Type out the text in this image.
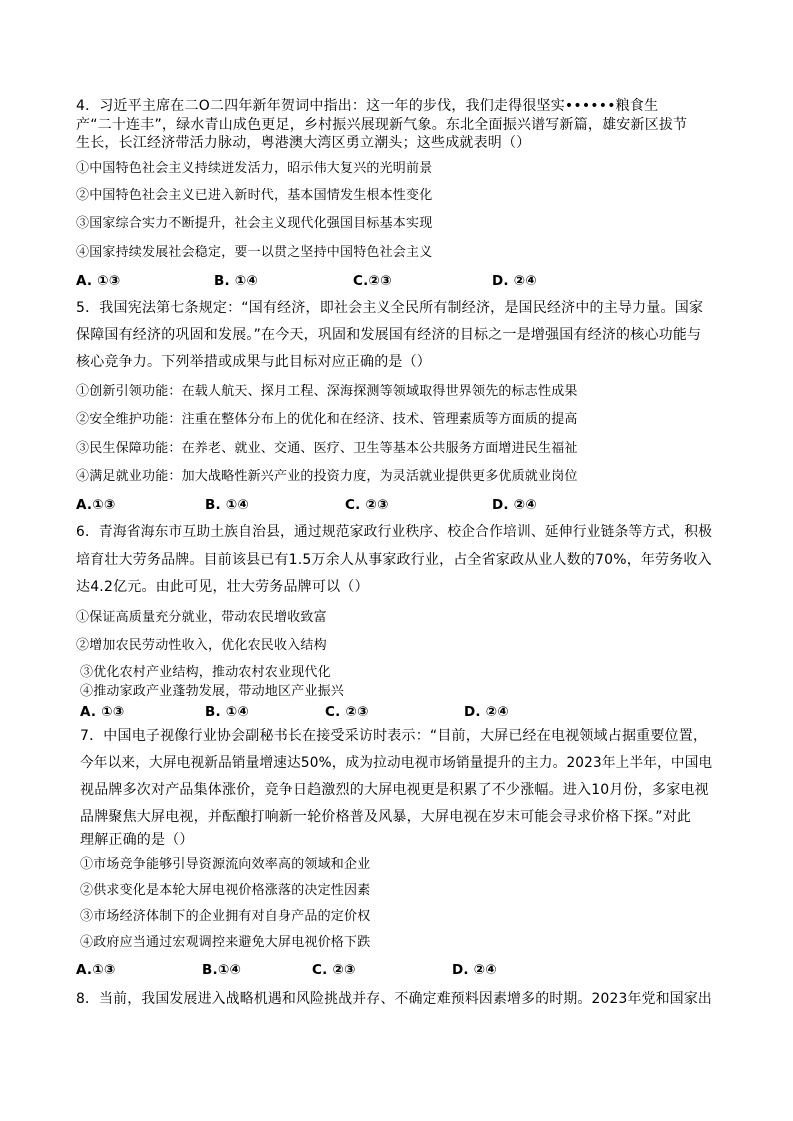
4．习近平主席在二O二四年新年贺词中指出：这一年的步伐，我们走得很坚实••••••粮食生
产“二十连丰”，绿水青山成色更足，乡村振兴展现新气象。东北全面振兴谱写新篇，雄安新区拔节
生长，长江经济带活力脉动，粤港澳大湾区勇立潮头；这些成就表明（）
①中国特色社会主义持续迸发活力，昭示伟大复兴的光明前景
②中国特色社会主义已进入新时代，基本国情发生根本性变化
③国家综合实力不断提升，社会主义现代化强国目标基本实现
④国家持续发展社会稳定，要一以贯之坚持中国特色社会主义
A. ①③	B. ①④	C.②③	D. ②④
5．我国宪法第七条规定：“国有经济，即社会主义全民所有制经济，是国民经济中的主导力量。国家
保障国有经济的巩固和发展。”在今天，巩固和发展国有经济的目标之一是增强国有经济的核心功能与
核心竞争力。下列举措或成果与此目标对应正确的是（）
①创新引领功能：在载人航天、探月工程、深海探测等领域取得世界领先的标志性成果
②安全维护功能：注重在整体分布上的优化和在经济、技术、管理素质等方面质的提高
③民生保障功能：在养老、就业、交通、医疗、卫生等基本公共服务方面增进民生福祉
④满足就业功能：加大战略性新兴产业的投资力度，为灵活就业提供更多优质就业岗位
A.①③	B. ①④	C. ②③	D. ②④
6．青海省海东市互助土族自治县，通过规范家政行业秩序、校企合作培训、延伸行业链条等方式，积极
培育壮大劳务品牌。目前该县已有1.5万余人从事家政行业，占全省家政从业人数的70%，年劳务收入
达4.2亿元。由此可见，壮大劳务品牌可以（）
①保证高质量充分就业，带动农民增收致富
②增加农民劳动性收入，优化农民收入结构
③优化农村产业结构，推动农村农业现代化
④推动家政产业蓬勃发展，带动地区产业振兴
A. ①③	B. ①④	C. ②③	D. ②④
7．中国电子视像行业协会副秘书长在接受采访时表示：“目前，大屏已经在电视领域占据重要位置，
今年以来，大屏电视新品销量增速达50%，成为拉动电视市场销量提升的主力。2023年上半年，中国电
视品牌多次对产品集体涨价，竞争日趋激烈的大屏电视更是积累了不少涨幅。进入10月份，多家电视
品牌聚焦大屏电视，并酝酿打响新一轮价格普及风暴，大屏电视在岁末可能会寻求价格下探。”对此
理解正确的是（）
①市场竞争能够引导资源流向效率高的领域和企业
②供求变化是本轮大屏电视价格涨落的决定性因素
③市场经济体制下的企业拥有对自身产品的定价权
④政府应当通过宏观调控来避免大屏电视价格下跌
A.①③	B.①④	C. ②③	D. ②④
8．当前，我国发展进入战略机遇和风险挑战并存、不确定难预料因素增多的时期。2023年党和国家出
